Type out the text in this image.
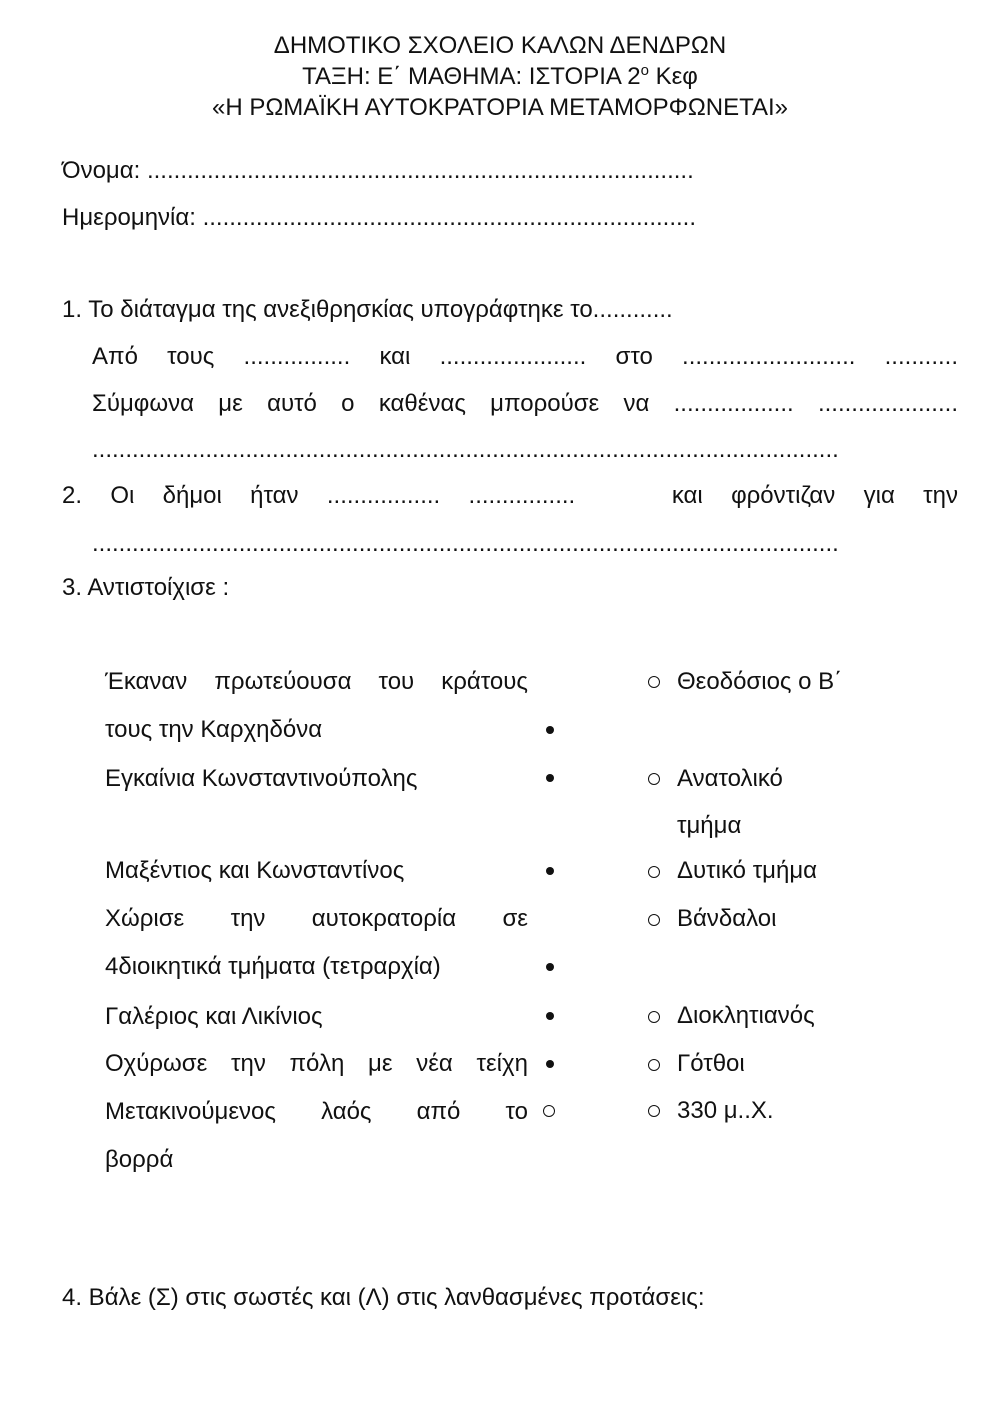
ΔΗΜΟΤΙΚΟ ΣΧΟΛΕΙΟ ΚΑΛΩΝ ΔΕΝΔΡΩΝ
ΤΑΞΗ: Ε΄ ΜΑΘΗΜΑ: ΙΣΤΟΡΙΑ $2^o$ Κεφ
«Η ΡΩΜΑΪΚΗ ΑΥΤΟΚΡΑΤΟΡΙΑ ΜΕΤΑΜΟΡΦΩΝΕΤΑΙ»
Όνομα: ..................................................................................
Ημερομηνία: ..........................................................................
1. Το διάταγμα της ανεξιθρησκίας υπογράφτηκε το............
Από τους ................ και ...................... στο .......................... ...........
Σύμφωνα με αυτό ο καθένας μπορούσε να .................. .....................
................................................................................................................
2. Οι δήμοι ήταν ................. ................	και φρόντιζαν για την
................................................................................................................
3. Αντιστοίχισε :
Έκαναν πρωτεύουσα του κράτους
τους την Καρχηδόνα
Εγκαίνια Κωνσταντινούπολης
Μαξέντιος και Κωνσταντίνος
Χώρισε την αυτοκρατορία σε
4διοικητικά τμήματα (τετραρχία)
Γαλέριος και Λικίνιος
Οχύρωσε την πόλη με νέα τείχη
Μετακινούμενος λαός από το
βορρά
Θεοδόσιος ο Β΄
Ανατολικό
τμήμα
Δυτικό τμήμα
Βάνδαλοι
Διοκλητιανός
Γότθοι
330 μ..Χ.
4. Βάλε (Σ) στις σωστές και (Λ) στις λανθασμένες προτάσεις:
